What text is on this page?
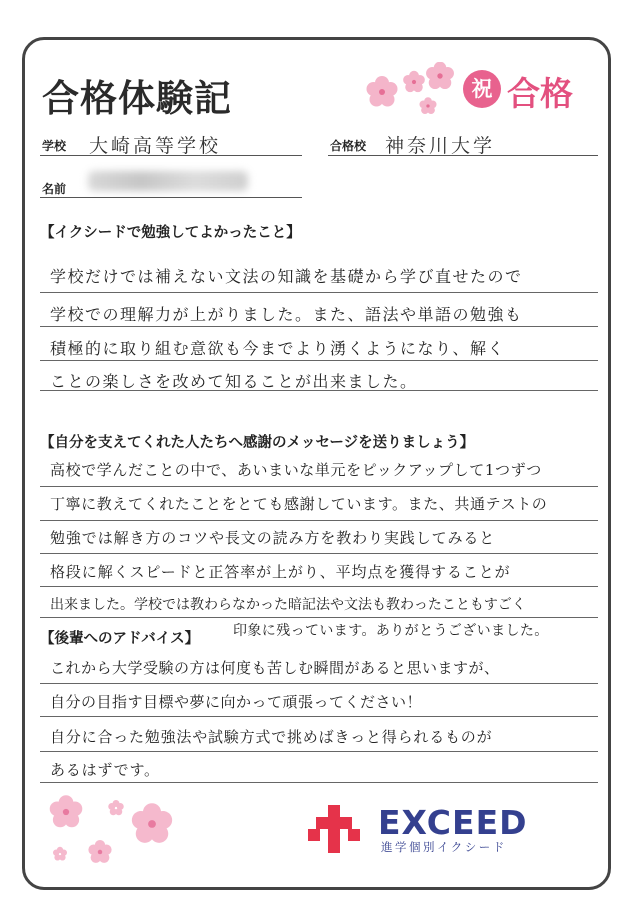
合格体験記	祝 合格
学校 大崎高等学校	合格校 神奈川大学
名前
【イクシードで勉強してよかったこと】
学校だけでは補えない文法の知識を基礎から学び直せたので
学校での理解力が上がりました。また、語法や単語の勉強も
積極的に取り組む意欲も今までより湧くようになり、解く
ことの楽しさを改めて知ることが出来ました。
【自分を支えてくれた人たちへ感謝のメッセージを送りましょう】
高校で学んだことの中で、あいまいな単元をピックアップして1つずつ
丁寧に教えてくれたことをとても感謝しています。また、共通テストの
勉強では解き方のコツや長文の読み方を教わり実践してみると
格段に解くスピードと正答率が上がり、平均点を獲得することが
出来ました。学校では教わらなかった暗記法や文法も教わったこともすごく
【後輩へのアドバイス】 印象に残っています。ありがとうございました。
これから大学受験の方は何度も苦しむ瞬間があると思いますが、
自分の目指す目標や夢に向かって頑張ってください！
自分に合った勉強法や試験方式で挑めばきっと得られるものが
あるはずです。
EXCEED
進学個別イクシード
